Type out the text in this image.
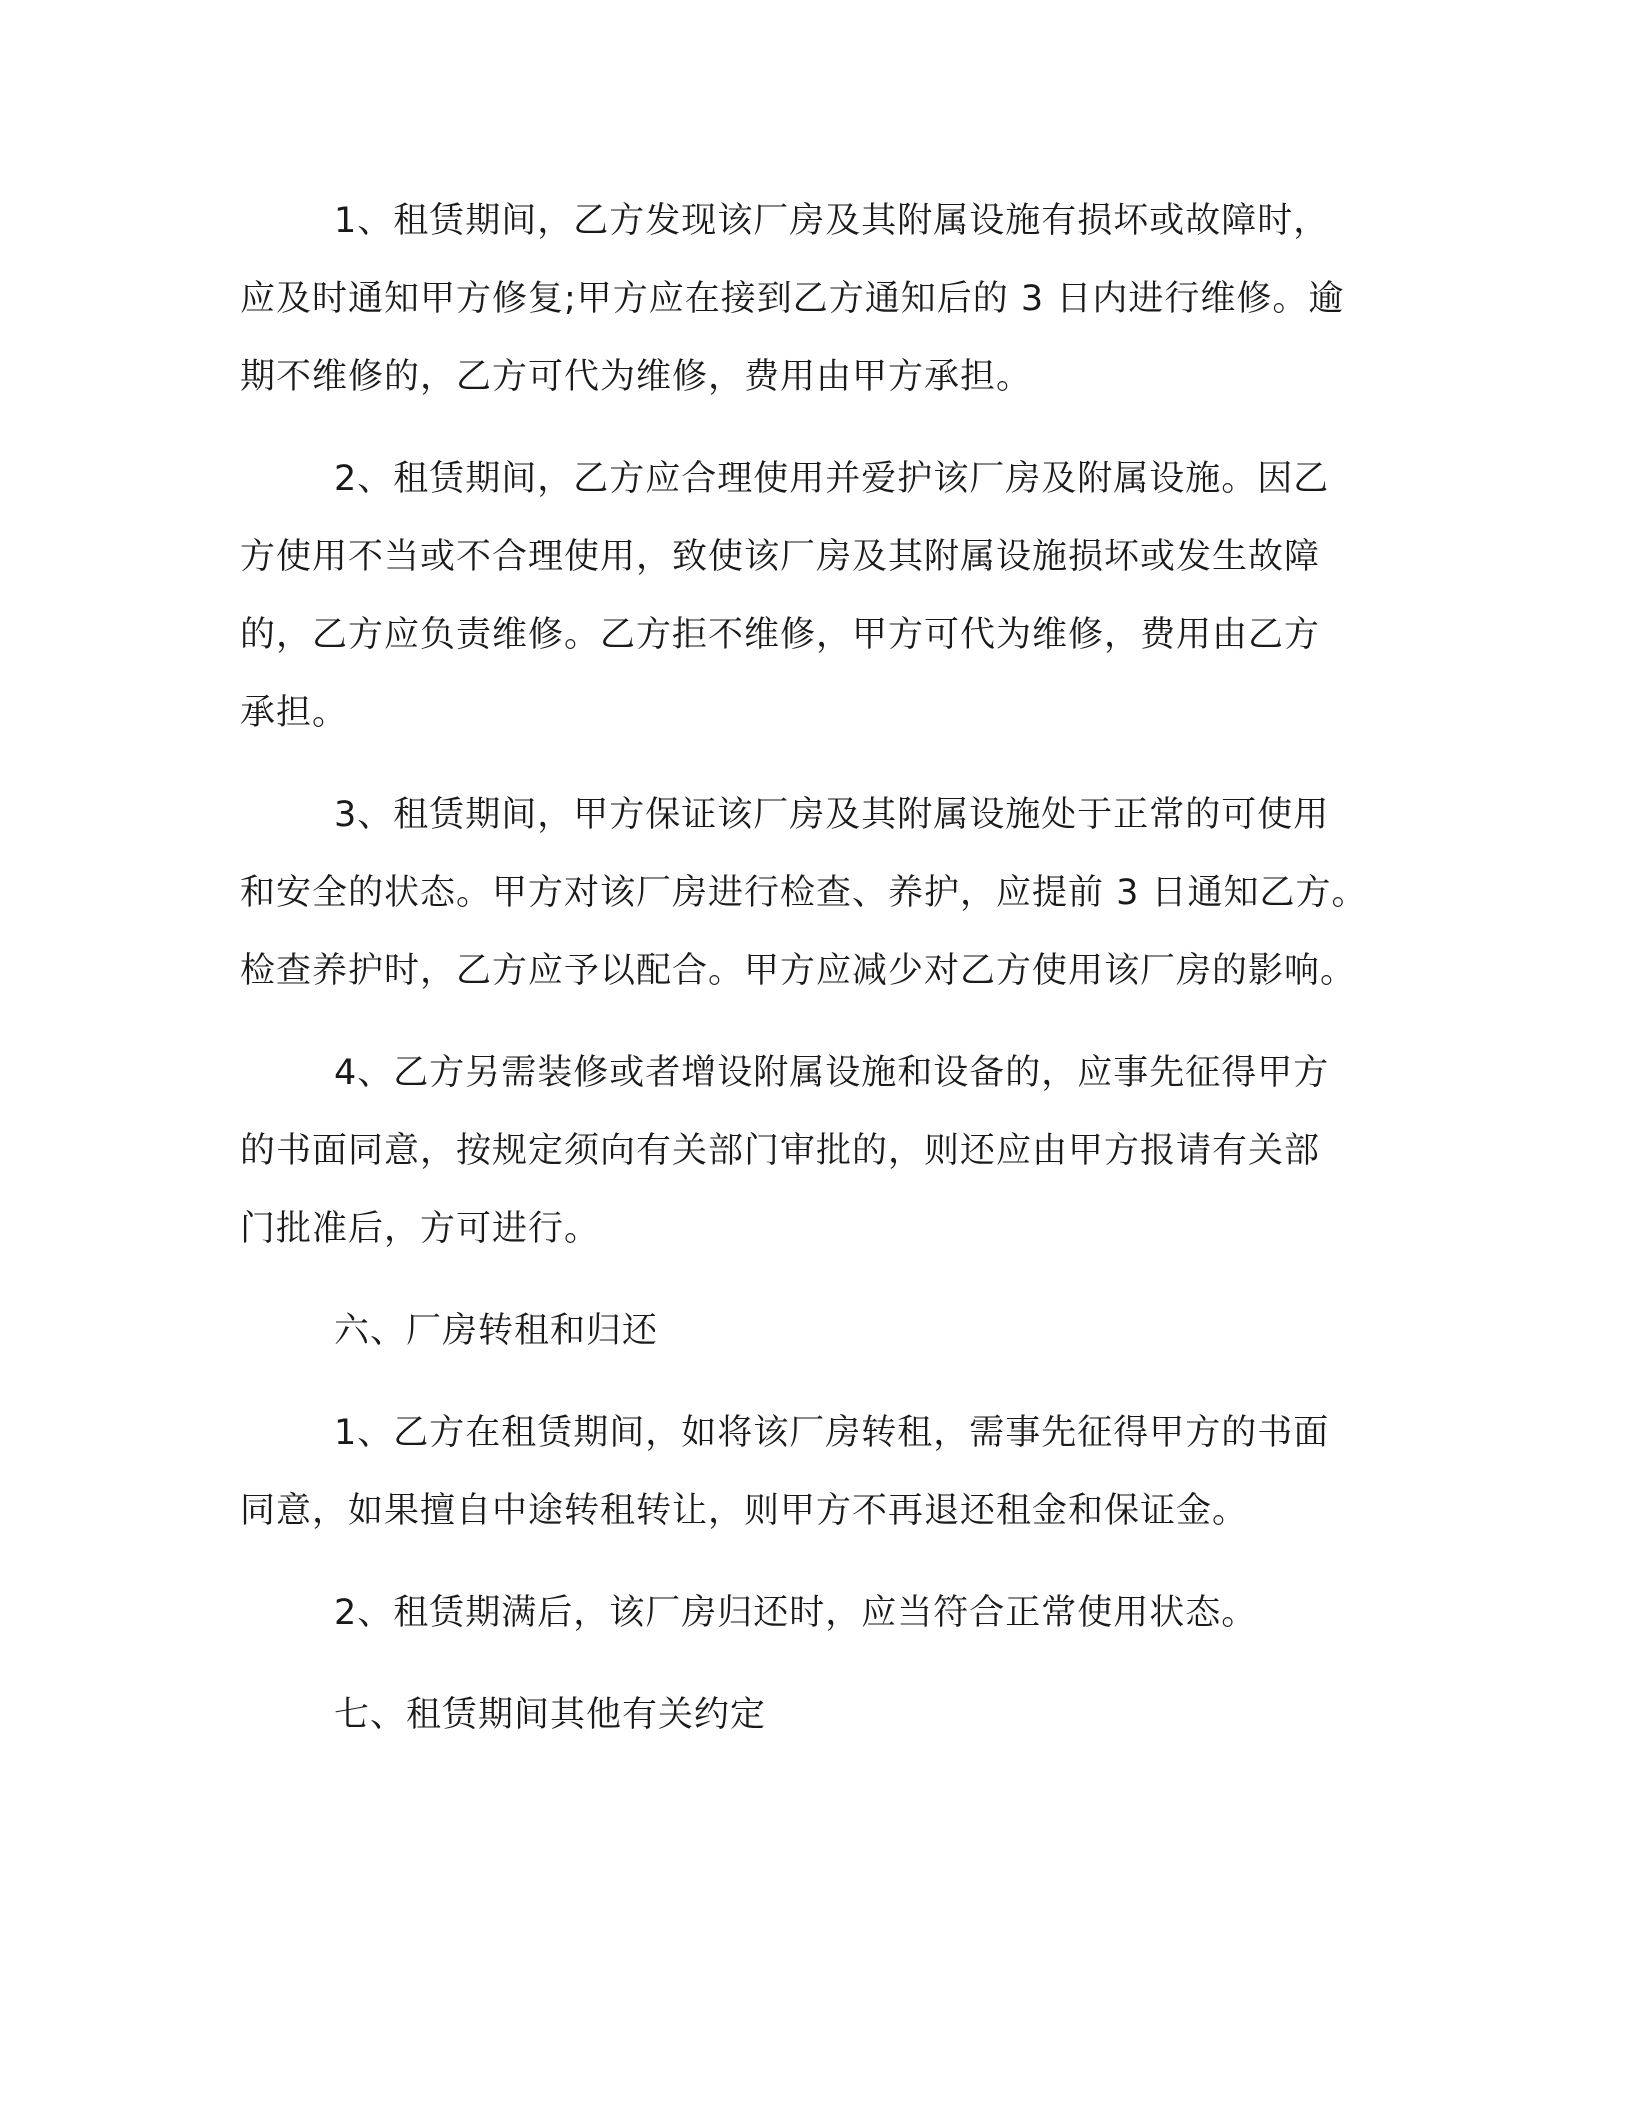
1、租赁期间，乙方发现该厂房及其附属设施有损坏或故障时，
应及时通知甲方修复;甲方应在接到乙方通知后的 3 日内进行维修。逾
期不维修的，乙方可代为维修，费用由甲方承担。
2、租赁期间，乙方应合理使用并爱护该厂房及附属设施。因乙
方使用不当或不合理使用，致使该厂房及其附属设施损坏或发生故障
的，乙方应负责维修。乙方拒不维修，甲方可代为维修，费用由乙方
承担。
3、租赁期间，甲方保证该厂房及其附属设施处于正常的可使用
和安全的状态。甲方对该厂房进行检查、养护，应提前 3 日通知乙方。
检查养护时，乙方应予以配合。甲方应减少对乙方使用该厂房的影响。
4、乙方另需装修或者增设附属设施和设备的，应事先征得甲方
的书面同意，按规定须向有关部门审批的，则还应由甲方报请有关部
门批准后，方可进行。
六、厂房转租和归还
1、乙方在租赁期间，如将该厂房转租，需事先征得甲方的书面
同意，如果擅自中途转租转让，则甲方不再退还租金和保证金。
2、租赁期满后，该厂房归还时，应当符合正常使用状态。
七、租赁期间其他有关约定
